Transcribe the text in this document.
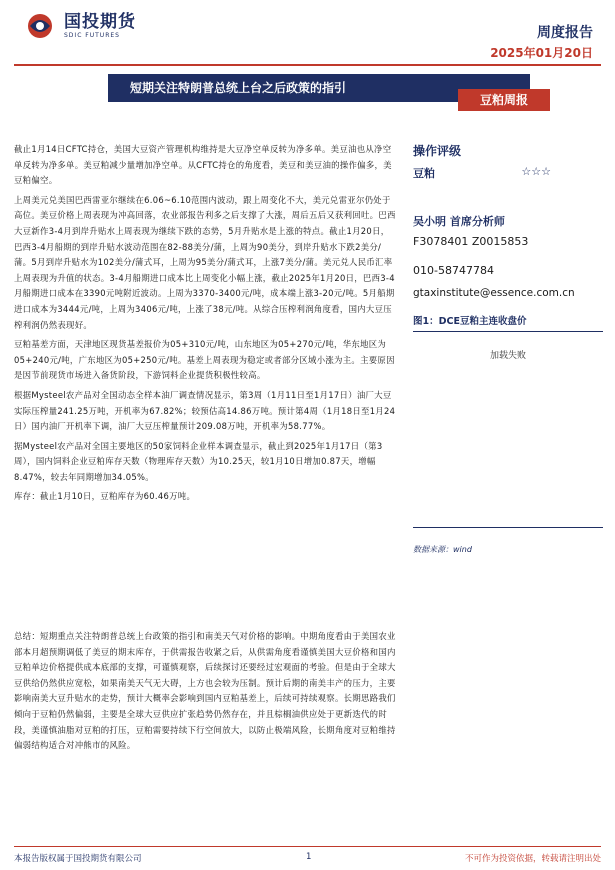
国投期货
SDIC FUTURES	周度报告
2025年01月20日
短期关注特朗普总统上台之后政策的指引
豆粕周报

截止1月14日CFTC持仓，美国大豆资产管理机构维持是大豆净空单反转为净多单。美豆油也从净空单反转为净多单。美豆粕减少量增加净空单。从CFTC持仓的角度看，美豆和美豆油的操作偏多，美豆粕偏空。

上周美元兑美国巴西雷亚尔继续在6.06~6.10范围内波动，跟上周变化不大，美元兑雷亚尔仍处于高位。美豆价格上周表现为冲高回落，农业部报告利多之后支撑了大涨，周后五后又获利回吐。巴西大豆新作3-4月到岸升贴水上周表现为继续下跌的态势，5月升贴水是上涨的特点。截止1月20日，巴西3-4月船期的到岸升贴水波动范围在82-88美分/蒲，上周为90美分，到岸升贴水下跌2美分/蒲。5月到岸升贴水为102美分/蒲式耳，上周为95美分/蒲式耳，上涨7美分/蒲。美元兑人民币汇率上周表现为升值的状态。3-4月船期进口成本比上周变化小幅上涨，截止2025年1月20日，巴西3-4月船期进口成本在3390元吨附近波动。上周为3370-3400元/吨，成本端上涨3-20元/吨。5月船期进口成本为3444元/吨，上周为3406元/吨，上涨了38元/吨。从综合压榨利润角度看，国内大豆压榨利润仍然表现好。

豆粕基差方面，天津地区现货基差报价为05+310元/吨，山东地区为05+270元/吨，华东地区为05+240元/吨，广东地区为05+250元/吨。基差上周表现为稳定或者部分区域小涨为主。主要原因是因节前现货市场进入备货阶段，下游饲料企业提货积极性较高。

根据Mysteel农产品对全国动态全样本油厂调查情况显示，第3周（1月11日至1月17日）油厂大豆实际压榨量241.25万吨，开机率为67.82%；较预估高14.86万吨。预计第4周（1月18日至1月24日）国内油厂开机率下调，油厂大豆压榨量预计209.08万吨，开机率为58.77%。

据Mysteel农产品对全国主要地区的50家饲料企业样本调查显示，截止到2025年1月17日（第3周），国内饲料企业豆粕库存天数（物理库存天数）为10.25天，较1月10日增加0.87天，增幅8.47%，较去年同期增加34.05%。

库存：截止1月10日，豆粕库存为60.46万吨。

总结：短期重点关注特朗普总统上台政策的指引和南美天气对价格的影响。中期角度看由于美国农业部本月超预期调低了美豆的期末库存，于供需报告收紧之后，从供需角度看谨慎美国大豆价格和国内豆粕单边价格提供成本底部的支撑，可谨慎观察，后续探讨还要经过宏观面的考验。但是由于全球大豆供给仍然供应宽松，如果南美天气无大碍，上方也会较为压制。预计后期的南美丰产的压力，主要影响南美大豆升贴水的走势，预计大概率会影响到国内豆粕基差上，后续可持续观察。长期思路我们倾向于豆粕仍然偏弱，主要是全球大豆供应扩张趋势仍然存在，并且棕榈油供应处于更新迭代的时段，美谨慎油脂对豆粕的打压，豆粕需要持续下行空间放大，以防止极端风险，长期角度对豆粕维持偏弱结构适合对冲熊市的风险。

操作评级
豆粕	☆☆☆
吴小明 首席分析师
F3078401 Z0015853
010-58747784
gtaxinstitute@essence.com.cn
图1：DCE豆粕主连收盘价
加载失败
数据来源：wind
本报告版权属于国投期货有限公司	1	不可作为投资依据，转载请注明出处
